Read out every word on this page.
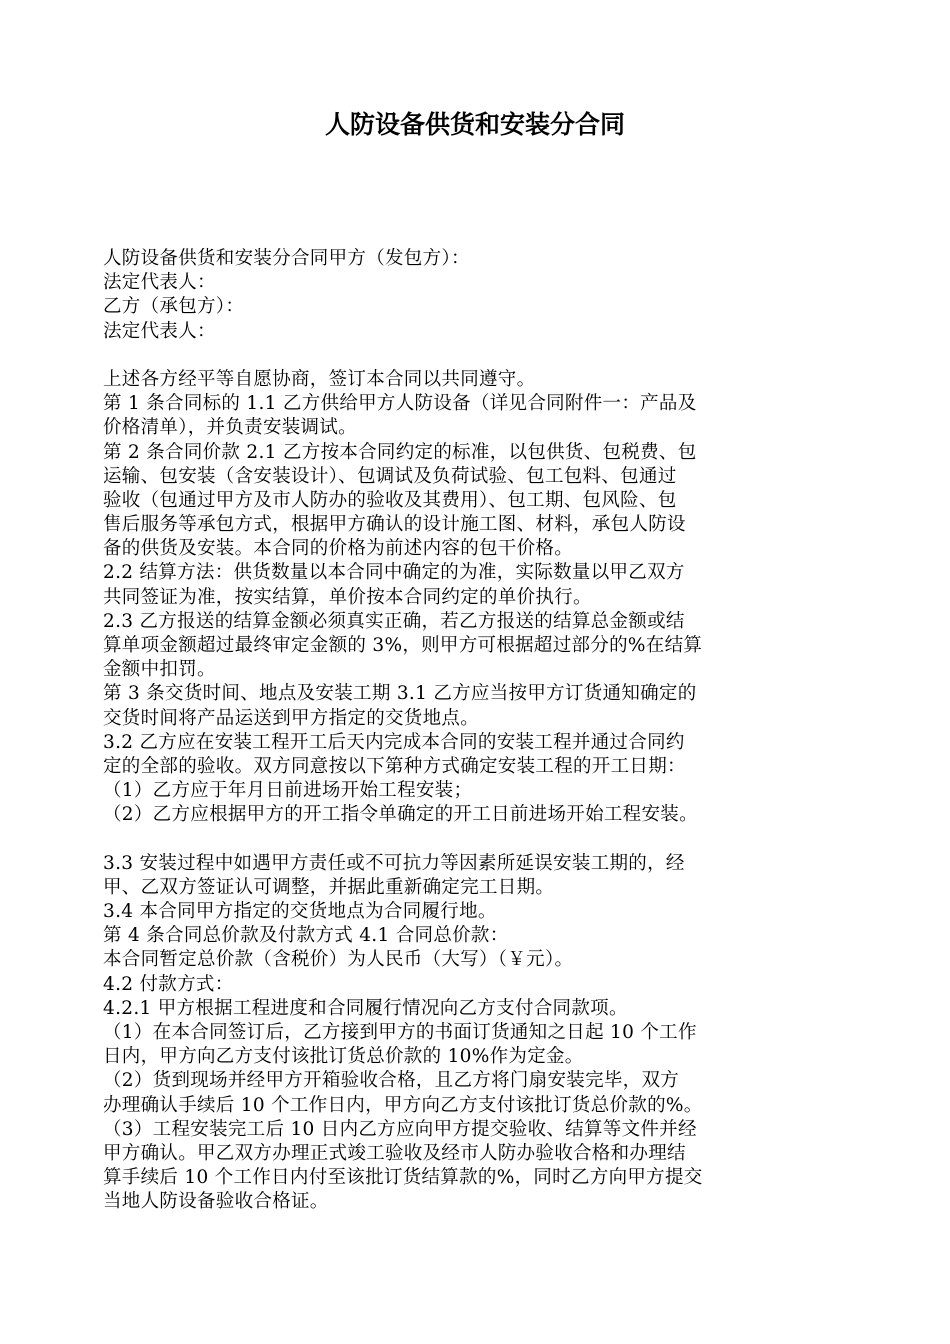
人防设备供货和安装分合同
人防设备供货和安装分合同甲方（发包方）：
法定代表人：
乙方（承包方）：
法定代表人：
上述各方经平等自愿协商，签订本合同以共同遵守。
第 1 条合同标的 1.1 乙方供给甲方人防设备（详见合同附件一：产品及
价格清单），并负责安装调试。
第 2 条合同价款 2.1 乙方按本合同约定的标准，以包供货、包税费、包
运输、包安装（含安装设计）、包调试及负荷试验、包工包料、包通过
验收（包通过甲方及市人防办的验收及其费用）、包工期、包风险、包
售后服务等承包方式，根据甲方确认的设计施工图、材料，承包人防设
备的供货及安装。本合同的价格为前述内容的包干价格。
2.2 结算方法：供货数量以本合同中确定的为准，实际数量以甲乙双方
共同签证为准，按实结算，单价按本合同约定的单价执行。
2.3 乙方报送的结算金额必须真实正确，若乙方报送的结算总金额或结
算单项金额超过最终审定金额的 3%，则甲方可根据超过部分的%在结算
金额中扣罚。
第 3 条交货时间、地点及安装工期 3.1 乙方应当按甲方订货通知确定的
交货时间将产品运送到甲方指定的交货地点。
3.2 乙方应在安装工程开工后天内完成本合同的安装工程并通过合同约
定的全部的验收。双方同意按以下第种方式确定安装工程的开工日期：
（1）乙方应于年月日前进场开始工程安装；
（2）乙方应根据甲方的开工指令单确定的开工日前进场开始工程安装。
3.3 安装过程中如遇甲方责任或不可抗力等因素所延误安装工期的，经
甲、乙双方签证认可调整，并据此重新确定完工日期。
3.4 本合同甲方指定的交货地点为合同履行地。
第 4 条合同总价款及付款方式 4.1 合同总价款：
本合同暂定总价款（含税价）为人民币（大写）（￥元）。
4.2 付款方式：
4.2.1 甲方根据工程进度和合同履行情况向乙方支付合同款项。
（1）在本合同签订后，乙方接到甲方的书面订货通知之日起 10 个工作
日内，甲方向乙方支付该批订货总价款的 10%作为定金。
（2）货到现场并经甲方开箱验收合格，且乙方将门扇安装完毕，双方
办理确认手续后 10 个工作日内，甲方向乙方支付该批订货总价款的%。
（3）工程安装完工后 10 日内乙方应向甲方提交验收、结算等文件并经
甲方确认。甲乙双方办理正式竣工验收及经市人防办验收合格和办理结
算手续后 10 个工作日内付至该批订货结算款的%，同时乙方向甲方提交
当地人防设备验收合格证。
